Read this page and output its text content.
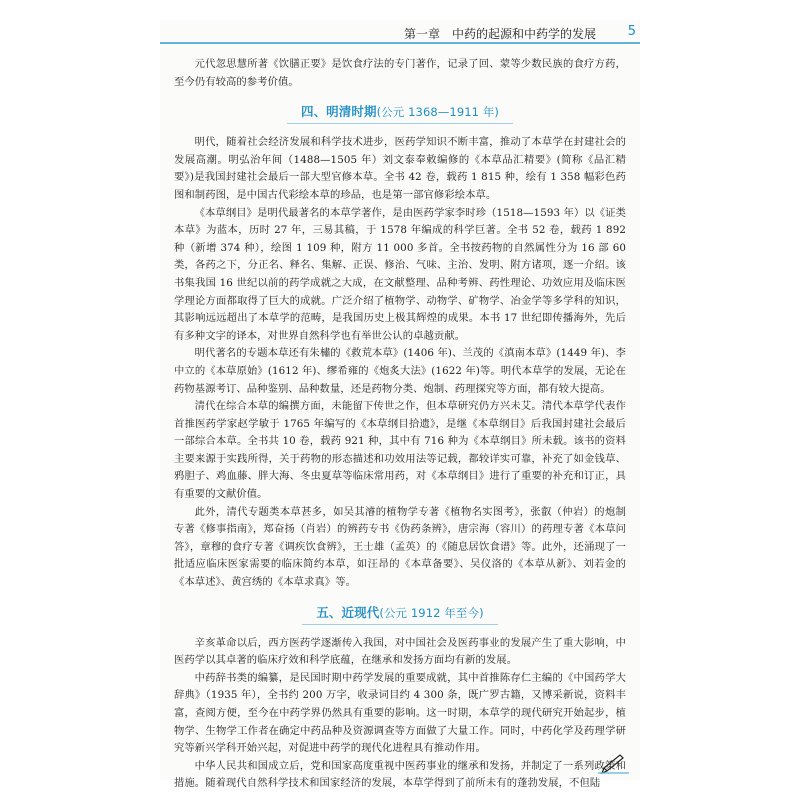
第一章　中药的起源和中药学的发展 5

元代忽思慧所著《饮膳正要》是饮食疗法的专门著作，记录了回、蒙等少数民族的食疗方药，至今仍有较高的参考价值。

四、明清时期(公元 1368—1911 年)

明代，随着社会经济发展和科学技术进步，医药学知识不断丰富，推动了本草学在封建社会的发展高潮。明弘治年间（1488—1505 年）刘文泰奉敕编修的《本草品汇精要》(简称《品汇精要》)是我国封建社会最后一部大型官修本草。全书 42 卷，载药 1 815 种，绘有 1 358 幅彩色药图和制药图，是中国古代彩绘本草的珍品，也是第一部官修彩绘本草。

《本草纲目》是明代最著名的本草学著作，是由医药学家李时珍（1518—1593 年）以《证类本草》为蓝本，历时 27 年，三易其稿，于 1578 年编成的科学巨著。全书 52 卷，载药 1 892 种（新增 374 种），绘图 1 109 种，附方 11 000 多首。全书按药物的自然属性分为 16 部 60 类，各药之下，分正名、释名、集解、正误、修治、气味、主治、发明、附方诸项，逐一介绍。该书集我国 16 世纪以前的药学成就之大成，在文献整理、品种考辨、药性理论、功效应用及临床医学理论方面都取得了巨大的成就。广泛介绍了植物学、动物学、矿物学、冶金学等多学科的知识，其影响远远超出了本草学的范畴，是我国历史上极其辉煌的成果。本书 17 世纪即传播海外，先后有多种文字的译本，对世界自然科学也有举世公认的卓越贡献。

明代著名的专题本草还有朱橚的《救荒本草》(1406 年)、兰茂的《滇南本草》(1449 年)、李中立的《本草原始》(1612 年)、缪希雍的《炮炙大法》(1622 年)等。明代本草学的发展，无论在药物基源考订、品种鉴别、品种数量，还是药物分类、炮制、药理探究等方面，都有较大提高。

清代在综合本草的编撰方面，未能留下传世之作，但本草研究仍方兴未艾。清代本草学代表作首推医药学家赵学敏于 1765 年编写的《本草纲目拾遗》，是继《本草纲目》后我国封建社会最后一部综合本草。全书共 10 卷，载药 921 种，其中有 716 种为《本草纲目》所未载。该书的资料主要来源于实践所得，关于药物的形态描述和功效用法等记载，都较详实可靠，补充了如金钱草、鸦胆子、鸡血藤、胖大海、冬虫夏草等临床常用药，对《本草纲目》进行了重要的补充和订正，具有重要的文献价值。

此外，清代专题类本草甚多，如吴其濬的植物学专著《植物名实图考》，张叡（仲岩）的炮制专著《修事指南》，郑奋扬（肖岩）的辨药专书《伪药条辨》，唐宗海（容川）的药理专著《本草问答》，章穆的食疗专著《调疾饮食辨》，王士雄（孟英）的《随息居饮食谱》等。此外，还涌现了一批适应临床医家需要的临床简约本草，如汪昂的《本草备要》、吴仪洛的《本草从新》、刘若金的《本草述》、黄宫绣的《本草求真》等。

五、近现代(公元 1912 年至今)

辛亥革命以后，西方医药学逐渐传入我国，对中国社会及医药事业的发展产生了重大影响，中医药学以其卓著的临床疗效和科学底蕴，在继承和发扬方面均有新的发展。

中药辞书类的编纂，是民国时期中药学发展的重要成就，其中首推陈存仁主编的《中国药学大辞典》（1935 年），全书约 200 万字，收录词目约 4 300 条，既广罗古籍，又博采新说，资料丰富，查阅方便，至今在中药学界仍然具有重要的影响。这一时期，本草学的现代研究开始起步，植物学、生物学工作者在确定中药品种及资源调查等方面做了大量工作。同时，中药化学及药理学研究等新兴学科开始兴起，对促进中药学的现代化进程具有推动作用。

中华人民共和国成立后，党和国家高度重视中医药事业的继承和发扬，并制定了一系列政策和措施。随着现代自然科学技术和国家经济的发展，本草学得到了前所未有的蓬勃发展，不但陆
